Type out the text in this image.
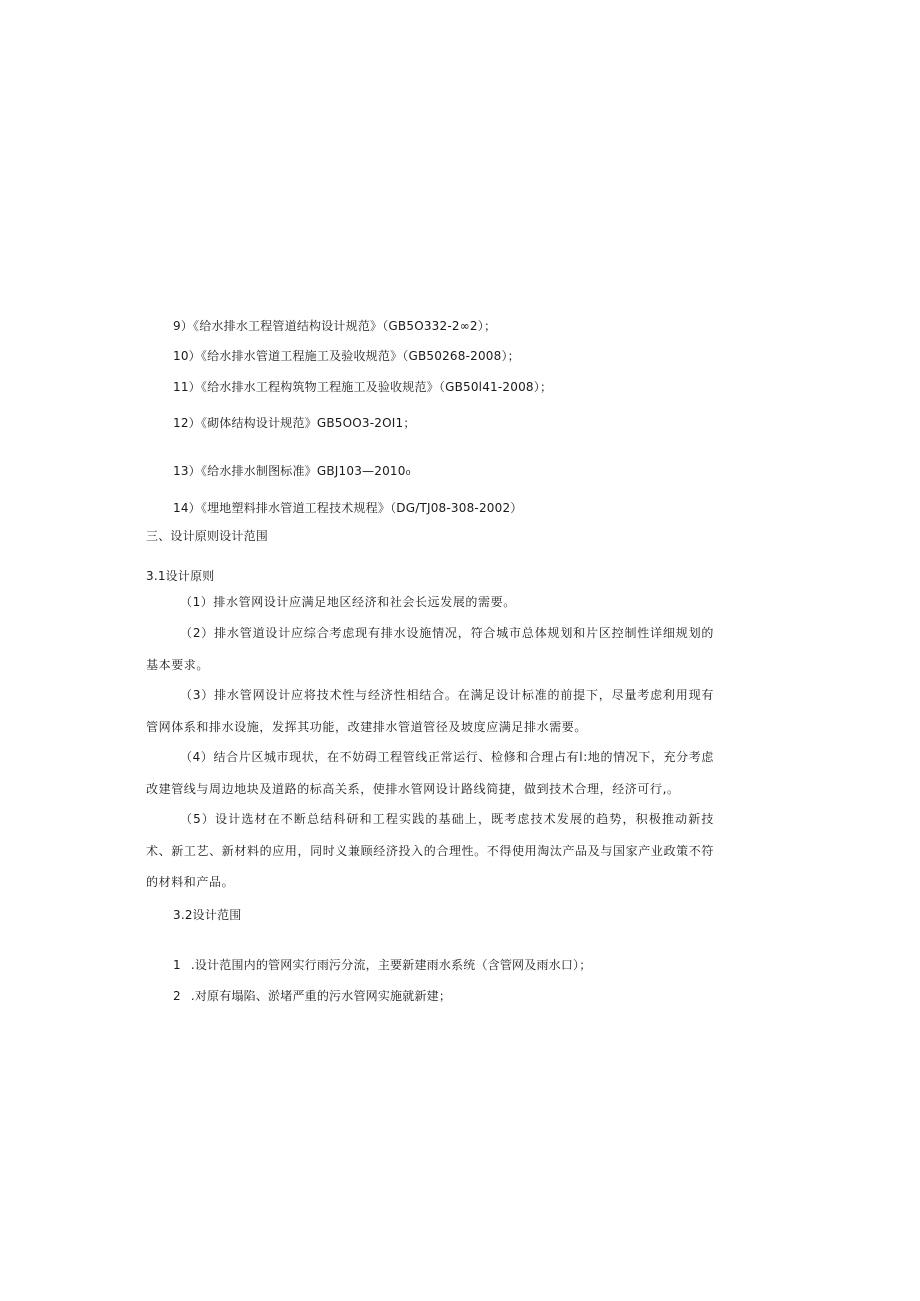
9）《给水排水工程管道结构设计规范》（GB5O332-2∞2）；
10）《给水排水管道工程施工及验收规范》（GB50268-2008）；
11）《给水排水工程构筑物工程施工及验收规范》（GB50l41-2008）；
12）《砌体结构设计规范》GB5OO3-2OI1；
13）《给水排水制图标准》GBJ103—2010₀
14）《埋地塑料排水管道工程技术规程》（DG/TJ08-308-2002）
三、设计原则设计范围
3.1设计原则

（1）排水管网设计应满足地区经济和社会长远发展的需要。

（2）排水管道设计应综合考虑现有排水设施情况，符合城市总体规划和片区控制性详细规划的基本要求。

（3）排水管网设计应将技术性与经济性相结合。在满足设计标准的前提下，尽量考虑利用现有管网体系和排水设施，发挥其功能，改建排水管道管径及坡度应满足排水需要。

（4）结合片区城市现状，在不妨碍工程管线正常运行、检修和合理占有l:地的情况下，充分考虑改建管线与周边地块及道路的标高关系，使排水管网设计路线简捷，做到技术合理，经济可行,。

（5）设计选材在不断总结科研和工程实践的基础上，既考虑技术发展的趋势，积极推动新技术、新工艺、新材料的应用，同时义兼顾经济投入的合理性。不得使用淘汰产品及与国家产业政策不符的材料和产品。

3.2设计范围
1 .设计范围内的管网实行雨污分流，主要新建雨水系统（含管网及雨水口）；
2 .对原有塌陷、淤堵严重的污水管网实施就新建；
